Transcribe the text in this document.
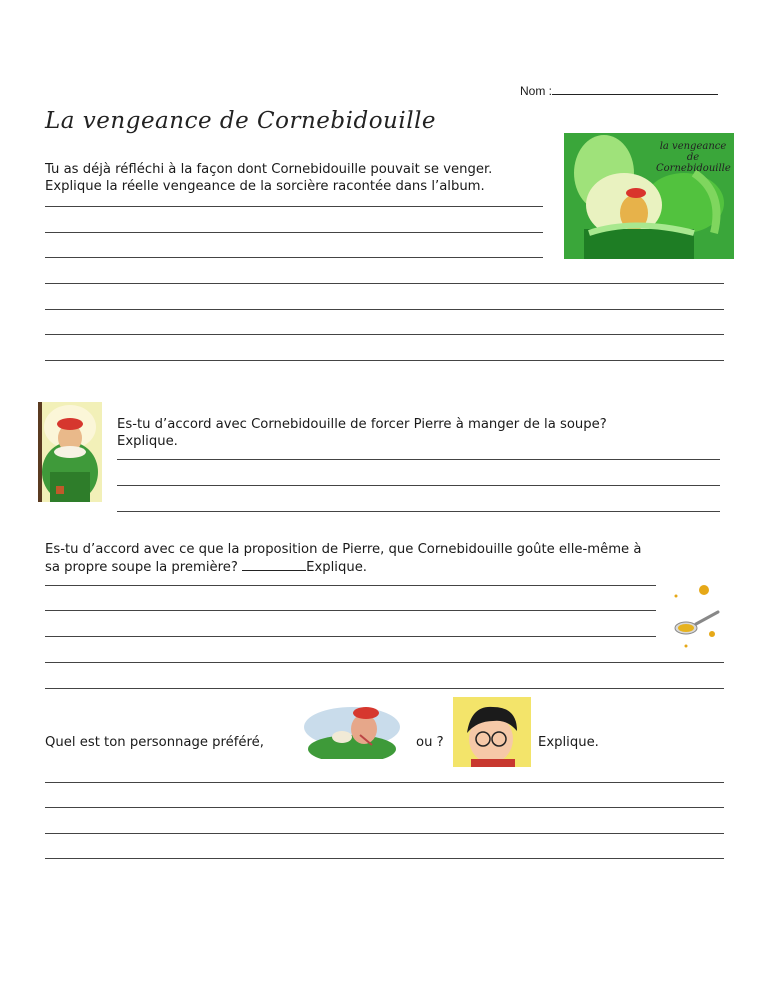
Nom :
La vengeance de Cornebidouille
Tu as déjà réfléchi à la façon dont Cornebidouille pouvait se venger.
Explique la réelle vengeance de la sorcière racontée dans l’album.
la vengeance de Cornebidouille
Es-tu d’accord avec Cornebidouille de forcer Pierre à manger de la soupe?
Explique.
Es-tu d’accord avec ce que la proposition de Pierre, que Cornebidouille goûte elle-même à
sa propre soupe la première?	Explique.
Quel est ton personnage préféré,	ou ?	Explique.
